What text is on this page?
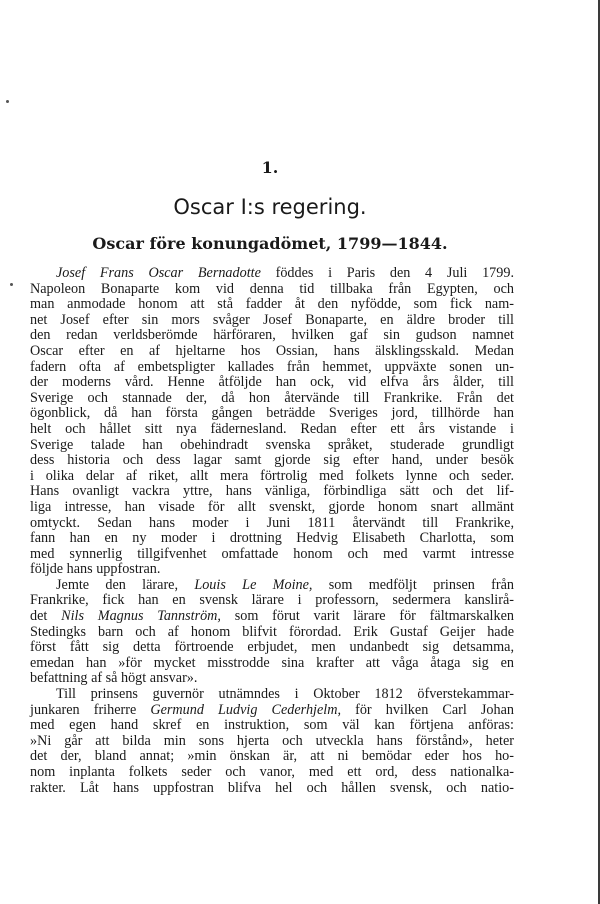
1.
Oscar I:s regering.
Oscar före konungadömet, 1799—1844.
Josef Frans Oscar Bernadotte föddes i Paris den 4 Juli 1799.
Napoleon Bonaparte kom vid denna tid tillbaka från Egypten, och
man anmodade honom att stå fadder åt den nyfödde, som fick nam-
net Josef efter sin mors svåger Josef Bonaparte, en äldre broder till
den redan verldsberömde härföraren, hvilken gaf sin gudson namnet
Oscar efter en af hjeltarne hos Ossian, hans älsklingsskald. Medan
fadern ofta af embetspligter kallades från hemmet, uppväxte sonen un-
der moderns vård. Henne åtföljde han ock, vid elfva års ålder, till
Sverige och stannade der, då hon återvände till Frankrike. Från det
ögonblick, då han första gången beträdde Sveriges jord, tillhörde han
helt och hållet sitt nya fädernesland. Redan efter ett års vistande i
Sverige talade han obehindradt svenska språket, studerade grundligt
dess historia och dess lagar samt gjorde sig efter hand, under besök
i olika delar af riket, allt mera förtrolig med folkets lynne och seder.
Hans ovanligt vackra yttre, hans vänliga, förbindliga sätt och det lif-
liga intresse, han visade för allt svenskt, gjorde honom snart allmänt
omtyckt. Sedan hans moder i Juni 1811 återvändt till Frankrike,
fann han en ny moder i drottning Hedvig Elisabeth Charlotta, som
med synnerlig tillgifvenhet omfattade honom och med varmt intresse
följde hans uppfostran.
Jemte den lärare, Louis Le Moine, som medföljt prinsen från
Frankrike, fick han en svensk lärare i professorn, sedermera kanslirå-
det Nils Magnus Tannström, som förut varit lärare för fältmarskalken
Stedingks barn och af honom blifvit förordad. Erik Gustaf Geijer hade
först fått sig detta förtroende erbjudet, men undanbedt sig detsamma,
emedan han »för mycket misstrodde sina krafter att våga åtaga sig en
befattning af så högt ansvar».
Till prinsens guvernör utnämndes i Oktober 1812 öfverstekammar-
junkaren friherre Germund Ludvig Cederhjelm, för hvilken Carl Johan
med egen hand skref en instruktion, som väl kan förtjena anföras:
»Ni går att bilda min sons hjerta och utveckla hans förstånd», heter
det der, bland annat; »min önskan är, att ni bemödar eder hos ho-
nom inplanta folkets seder och vanor, med ett ord, dess nationalka-
rakter. Låt hans uppfostran blifva hel och hållen svensk, och natio-
